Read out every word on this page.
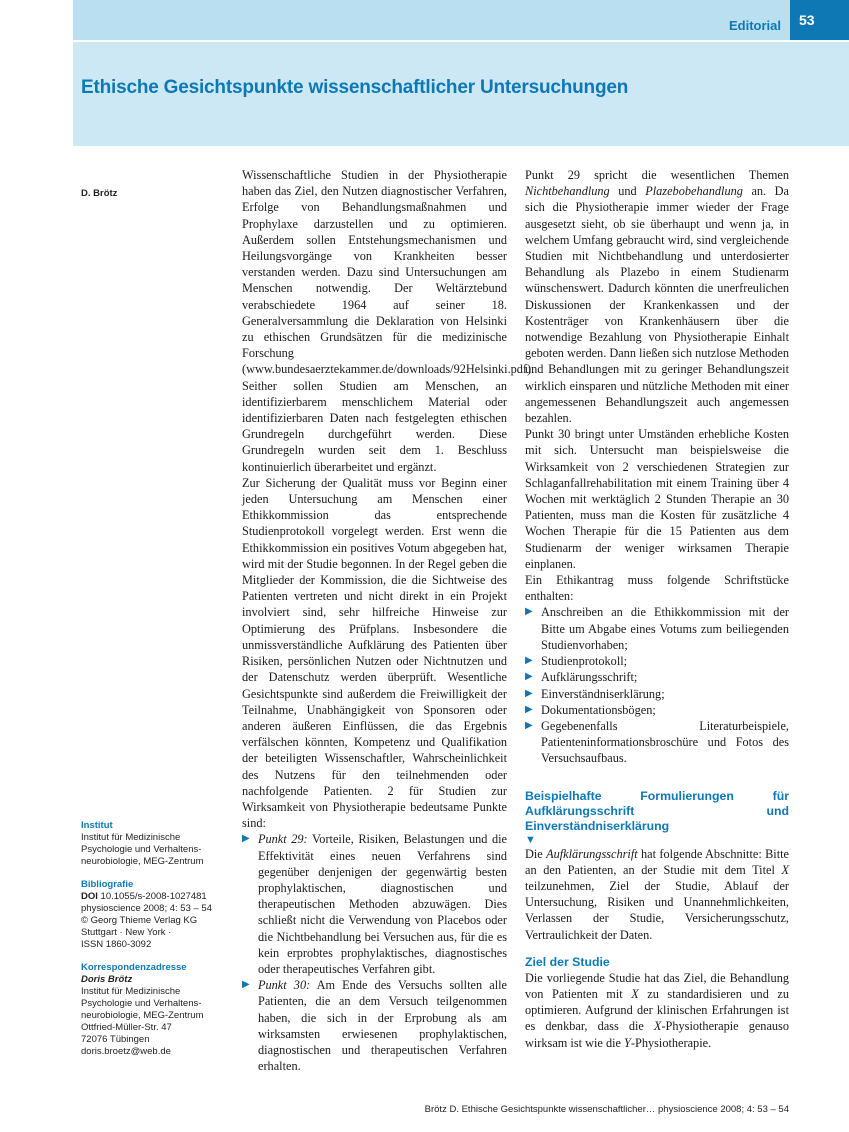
Editorial	53
Ethische Gesichtspunkte wissenschaftlicher Untersuchungen
D. Brötz
Institut
Institut für Medizinische
Psychologie und Verhaltens-
neurobiologie, MEG-Zentrum
Bibliografie
DOI 10.1055/s-2008-1027481
physioscience 2008; 4: 53 – 54
© Georg Thieme Verlag KG
Stuttgart · New York ·
ISSN 1860-3092
Korrespondenzadresse
Doris Brötz
Institut für Medizinische
Psychologie und Verhaltens-
neurobiologie, MEG-Zentrum
Ottfried-Müller-Str. 47
72076 Tübingen
doris.broetz@web.de

Wissenschaftliche Studien in der Physiotherapie haben das Ziel, den Nutzen diagnostischer Verfahren, Erfolge von Behandlungsmaßnahmen und Prophylaxe darzustellen und zu optimieren. Außerdem sollen Entstehungsmechanismen und Heilungsvorgänge von Krankheiten besser verstanden werden. Dazu sind Untersuchungen am Menschen notwendig. Der Weltärztebund verabschiedete 1964 auf seiner 18. Generalversammlung die Deklaration von Helsinki zu ethischen Grundsätzen für die medizinische Forschung (www.bundesaerztekammer.de/downloads/92Helsinki.pdf). Seither sollen Studien am Menschen, an identifizierbarem menschlichem Material oder identifizierbaren Daten nach festgelegten ethischen Grundregeln durchgeführt werden. Diese Grundregeln wurden seit dem 1. Beschluss kontinuierlich überarbeitet und ergänzt.

Zur Sicherung der Qualität muss vor Beginn einer jeden Untersuchung am Menschen einer Ethikkommission das entsprechende Studienprotokoll vorgelegt werden. Erst wenn die Ethikkommission ein positives Votum abgegeben hat, wird mit der Studie begonnen. In der Regel geben die Mitglieder der Kommission, die die Sichtweise des Patienten vertreten und nicht direkt in ein Projekt involviert sind, sehr hilfreiche Hinweise zur Optimierung des Prüfplans. Insbesondere die unmissverständliche Aufklärung des Patienten über Risiken, persönlichen Nutzen oder Nichtnutzen und der Datenschutz werden überprüft. Wesentliche Gesichtspunkte sind außerdem die Freiwilligkeit der Teilnahme, Unabhängigkeit von Sponsoren oder anderen äußeren Einflüssen, die das Ergebnis verfälschen könnten, Kompetenz und Qualifikation der beteiligten Wissenschaftler, Wahrscheinlichkeit des Nutzens für den teilnehmenden oder nachfolgende Patienten. 2 für Studien zur Wirksamkeit von Physiotherapie bedeutsame Punkte sind:

▶ Punkt 29: Vorteile, Risiken, Belastungen und die Effektivität eines neuen Verfahrens sind gegenüber denjenigen der gegenwärtig besten prophylaktischen, diagnostischen und therapeutischen Methoden abzuwägen. Dies schließt nicht die Verwendung von Placebos oder die Nichtbehandlung bei Versuchen aus, für die es kein erprobtes prophylaktisches, diagnostisches oder therapeutisches Verfahren gibt.
▶ Punkt 30: Am Ende des Versuchs sollten alle Patienten, die an dem Versuch teilgenommen haben, die sich in der Erprobung als am wirksamsten erwiesenen prophylaktischen, diagnostischen und therapeutischen Verfahren erhalten.

Punkt 29 spricht die wesentlichen Themen Nichtbehandlung und Plazebobehandlung an. Da sich die Physiotherapie immer wieder der Frage ausgesetzt sieht, ob sie überhaupt und wenn ja, in welchem Umfang gebraucht wird, sind vergleichende Studien mit Nichtbehandlung und unterdosierter Behandlung als Plazebo in einem Studienarm wünschenswert. Dadurch könnten die unerfreulichen Diskussionen der Krankenkassen und der Kostenträger von Krankenhäusern über die notwendige Bezahlung von Physiotherapie Einhalt geboten werden. Dann ließen sich nutzlose Methoden und Behandlungen mit zu geringer Behandlungszeit wirklich einsparen und nützliche Methoden mit einer angemessenen Behandlungszeit auch angemessen bezahlen.

Punkt 30 bringt unter Umständen erhebliche Kosten mit sich. Untersucht man beispielsweise die Wirksamkeit von 2 verschiedenen Strategien zur Schlaganfallrehabilitation mit einem Training über 4 Wochen mit werktäglich 2 Stunden Therapie an 30 Patienten, muss man die Kosten für zusätzliche 4 Wochen Therapie für die 15 Patienten aus dem Studienarm der weniger wirksamen Therapie einplanen.

Ein Ethikantrag muss folgende Schriftstücke enthalten:

▶ Anschreiben an die Ethikkommission mit der Bitte um Abgabe eines Votums zum beiliegenden Studienvorhaben;
▶ Studienprotokoll;
▶ Aufklärungsschrift;
▶ Einverständniserklärung;
▶ Dokumentationsbögen;
▶ Gegebenenfalls Literaturbeispiele, Patienteninformationsbroschüre und Fotos des Versuchsaufbaus.
Beispielhafte Formulierungen für Aufklärungsschrift und Einverständniserklärung
▼

Die Aufklärungsschrift hat folgende Abschnitte: Bitte an den Patienten, an der Studie mit dem Titel X teilzunehmen, Ziel der Studie, Ablauf der Untersuchung, Risiken und Unannehmlichkeiten, Verlassen der Studie, Versicherungsschutz, Vertraulichkeit der Daten.

Ziel der Studie

Die vorliegende Studie hat das Ziel, die Behandlung von Patienten mit X zu standardisieren und zu optimieren. Aufgrund der klinischen Erfahrungen ist es denkbar, dass die X-Physiotherapie genauso wirksam ist wie die Y-Physiotherapie.

Brötz D. Ethische Gesichtspunkte wissenschaftlicher… physioscience 2008; 4: 53 – 54
